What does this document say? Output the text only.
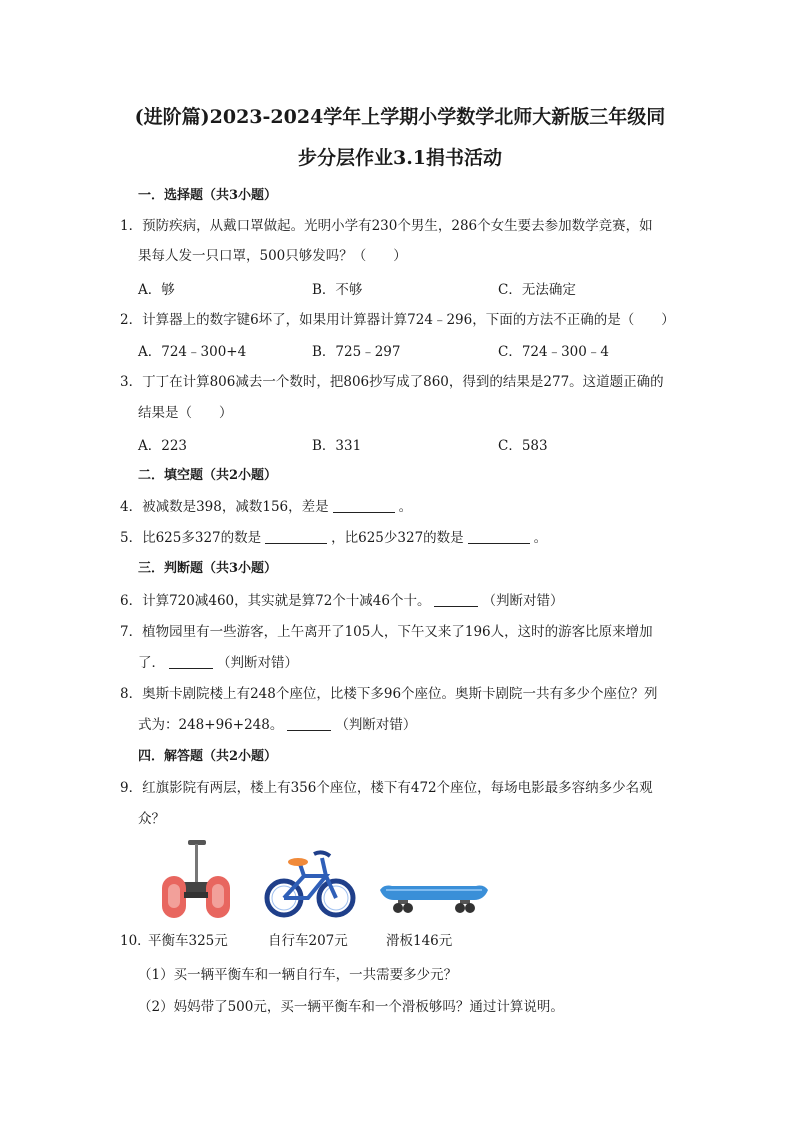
(进阶篇)2023-2024学年上学期小学数学北师大新版三年级同
步分层作业3.1捐书活动
一．选择题（共3小题）
1．预防疾病，从戴口罩做起。光明小学有230个男生，286个女生要去参加数学竞赛，如
果每人发一只口罩，500只够发吗？（　　）
A．够	B．不够	C．无法确定
2．计算器上的数字键6坏了，如果用计算器计算724﹣296，下面的方法不正确的是（　　）
A．724﹣300+4	B．725﹣297	C．724﹣300﹣4
3．丁丁在计算806减去一个数时，把806抄写成了860，得到的结果是277。这道题正确的
结果是（　　）
A．223	B．331	C．583
二．填空题（共2小题）
4．被减数是398，减数156，差是	。
5．比625多327的数是	，比625少327的数是	。
三．判断题（共3小题）
6．计算720减460，其实就是算72个十减46个十。	（判断对错）
7．植物园里有一些游客，上午离开了105人，下午又来了196人，这时的游客比原来增加
了．	（判断对错）
8．奥斯卡剧院楼上有248个座位，比楼下多96个座位。奥斯卡剧院一共有多少个座位？列
式为：248+96+248。	（判断对错）
四．解答题（共2小题）
9．红旗影院有两层，楼上有356个座位，楼下有472个座位，每场电影最多容纳多少名观
众？
10．
平衡车325元	自行车207元	滑板146元
（1）买一辆平衡车和一辆自行车，一共需要多少元？
（2）妈妈带了500元，买一辆平衡车和一个滑板够吗？通过计算说明。
